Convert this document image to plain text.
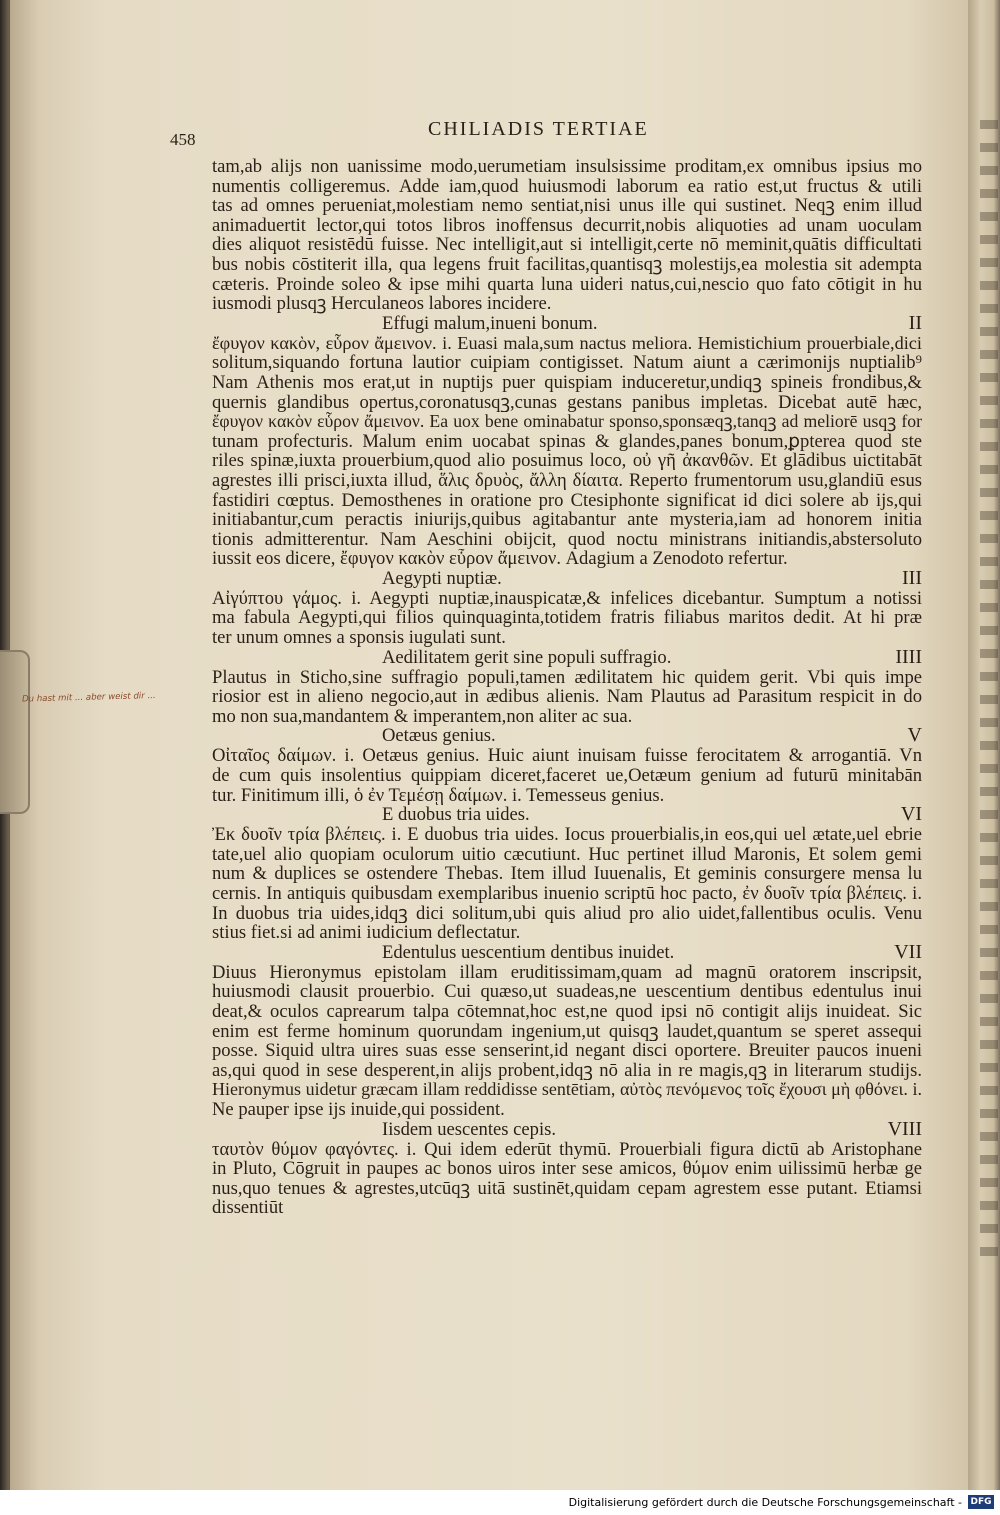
458	CHILIADIS TERTIAE
Du hast mit ... aber weist dir ...
tam,ab alijs non uanissime modo,uerumetiam insulsissime proditam,ex omnibus ipsius mo
numentis colligeremus. Adde iam,quod huiusmodi laborum ea ratio est,ut fructus & utili
tas ad omnes perueniat,molestiam nemo sentiat,nisi unus ille qui sustinet. Neqꝫ enim illud
animaduertit lector,qui totos libros inoffensus decurrit,nobis aliquoties ad unam uoculam
dies aliquot resistēdū fuisse. Nec intelligit,aut si intelligit,certe nō meminit,quātis difficultati
bus nobis cōstiterit illa, qua legens fruit facilitas,quantisqꝫ molestijs,ea molestia sit adempta
cæteris. Proinde soleo & ipse mihi quarta luna uideri natus,cui,nescio quo fato cōtigit in hu
iusmodi plusqꝫ Herculaneos labores incidere.
Effugi malum,inueni bonum.	II
ἔφυγον κακὸν, εὗρον ἄμεινον. i. Euasi mala,sum nactus meliora. Hemistichium prouerbiale,dici
solitum,siquando fortuna lautior cuipiam contigisset. Natum aiunt a cærimonijs nuptialib⁹
Nam Athenis mos erat,ut in nuptijs puer quispiam induceretur,undiqꝫ spineis frondibus,&
quernis glandibus opertus,coronatusqꝫ,cunas gestans panibus impletas. Dicebat autē hæc,
ἔφυγον κακὸν εὗρον ἄμεινον. Ea uox bene ominabatur sponso,sponsæqꝫ,tanqꝫ ad meliorē usqꝫ for
tunam profecturis. Malum enim uocabat spinas & glandes,panes bonum,ꝑpterea quod ste
riles spinæ,iuxta prouerbium,quod alio posuimus loco, οὐ γῆ ἀκανθῶν. Et glādibus uictitabāt
agrestes illi prisci,iuxta illud, ἅλις δρυὸς, ἄλλη δίαιτα. Reperto frumentorum usu,glandiū esus
fastidiri cœptus. Demosthenes in oratione pro Ctesiphonte significat id dici solere ab ijs,qui
initiabantur,cum peractis iniurijs,quibus agitabantur ante mysteria,iam ad honorem initia
tionis admitterentur. Nam Aeschini obijcit, quod noctu ministrans initiandis,abstersoluto
iussit eos dicere, ἔφυγον κακὸν εὗρον ἄμεινον. Adagium a Zenodoto refertur.
Aegypti nuptiæ.	III
Αἰγύπτου γάμος. i. Aegypti nuptiæ,inauspicatæ,& infelices dicebantur. Sumptum a notissi
ma fabula Aegypti,qui filios quinquaginta,totidem fratris filiabus maritos dedit. At hi præ
ter unum omnes a sponsis iugulati sunt.
Aedilitatem gerit sine populi suffragio.	IIII
Plautus in Sticho,sine suffragio populi,tamen ædilitatem hic quidem gerit. Vbi quis impe
riosior est in alieno negocio,aut in ædibus alienis. Nam Plautus ad Parasitum respicit in do
mo non sua,mandantem & imperantem,non aliter ac sua.
Oetæus genius.	V
Οἰταῖος δαίμων. i. Oetæus genius. Huic aiunt inuisam fuisse ferocitatem & arrogantiā. Vn
de cum quis insolentius quippiam diceret,faceret ue,Oetæum genium ad futurū minitabān
tur. Finitimum illi, ὁ ἐν Τεμέσῃ δαίμων. i. Temesseus genius.
E duobus tria uides.	VI
Ἐκ δυοῖν τρία βλέπεις. i. E duobus tria uides. Iocus prouerbialis,in eos,qui uel ætate,uel ebrie
tate,uel alio quopiam oculorum uitio cæcutiunt. Huc pertinet illud Maronis, Et solem gemi
num & duplices se ostendere Thebas. Item illud Iuuenalis, Et geminis consurgere mensa lu
cernis. In antiquis quibusdam exemplaribus inuenio scriptū hoc pacto, ἐν δυοῖν τρία βλέπεις. i.
In duobus tria uides,idqꝫ dici solitum,ubi quis aliud pro alio uidet,fallentibus oculis. Venu
stius fiet.si ad animi iudicium deflectatur.
Edentulus uescentium dentibus inuidet.	VII
Diuus Hieronymus epistolam illam eruditissimam,quam ad magnū oratorem inscripsit,
huiusmodi clausit prouerbio. Cui quæso,ut suadeas,ne uescentium dentibus edentulus inui
deat,& oculos caprearum talpa cōtemnat,hoc est,ne quod ipsi nō contigit alijs inuideat. Sic
enim est ferme hominum quorundam ingenium,ut quisqꝫ laudet,quantum se speret assequi
posse. Siquid ultra uires suas esse senserint,id negant disci oportere. Breuiter paucos inueni
as,qui quod in sese desperent,in alijs probent,idqꝫ nō alia in re magis,qꝫ in literarum studijs.
Hieronymus uidetur græcam illam reddidisse sentētiam, αὐτὸς πενόμενος τοῖς ἔχουσι μὴ φθόνει. i.
Ne pauper ipse ijs inuide,qui possident.
Iisdem uescentes cepis.	VIII
ταυτὸν θύμον φαγόντες. i. Qui idem ederūt thymū. Prouerbiali figura dictū ab Aristophane
in Pluto, Cōgruit in paupes ac bonos uiros inter sese amicos, θύμον enim uilissimū herbæ ge
nus,quo tenues & agrestes,utcūqꝫ uitā sustinēt,quidam cepam agrestem esse putant. Etiamsi
dissentiūt
Digitalisierung gefördert durch die Deutsche Forschungsgemeinschaft - DFG
